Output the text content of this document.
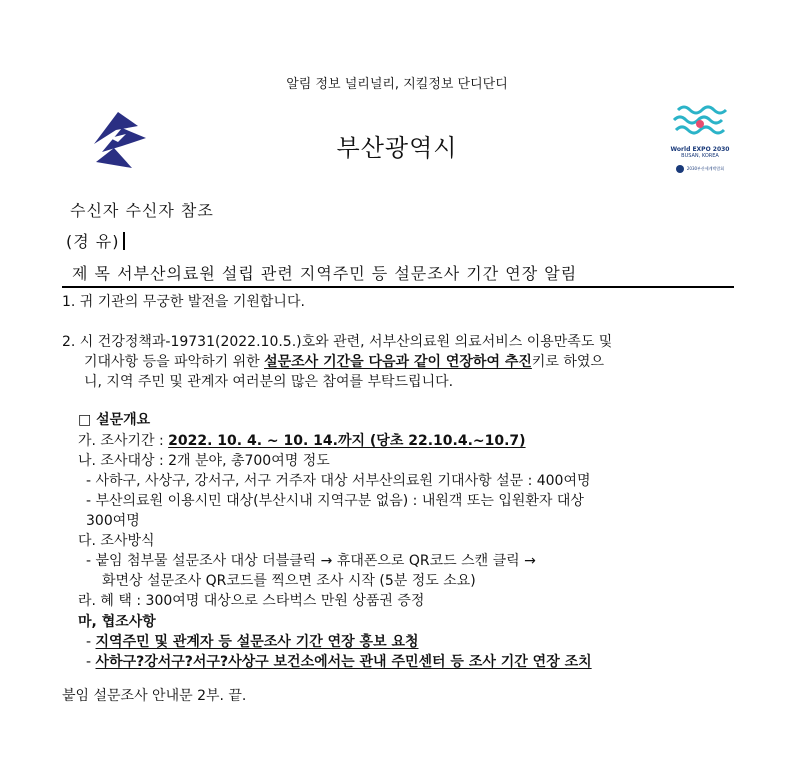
알림 정보 널리널리, 지킬정보 단디단디
부산광역시	World EXPO 2030
BUSAN, KOREA
2030부산세계박람회
수신자 수신자 참조
(경 유)
제 목 서부산의료원 설립 관련 지역주민 등 설문조사 기간 연장 알림
1. 귀 기관의 무궁한 발전을 기원합니다.
2. 시 건강정책과-19731(2022.10.5.)호와 관련, 서부산의료원 의료서비스 이용만족도 및
기대사항 등을 파악하기 위한 설문조사 기간을 다음과 같이 연장하여 추진키로 하였으
니, 지역 주민 및 관계자 여러분의 많은 참여를 부탁드립니다.
□ 설문개요
가. 조사기간 : 2022. 10. 4. ~ 10. 14.까지 (당초 22.10.4.~10.7)
나. 조사대상 : 2개 분야, 총700여명 정도
- 사하구, 사상구, 강서구, 서구 거주자 대상 서부산의료원 기대사항 설문 : 400여명
- 부산의료원 이용시민 대상(부산시내 지역구분 없음) : 내원객 또는 입원환자 대상
300여명
다. 조사방식
- 붙임 첨부물 설문조사 대상 더블클릭 → 휴대폰으로 QR코드 스캔 클릭 →
화면상 설문조사 QR코드를 찍으면 조사 시작 (5분 정도 소요)
라. 혜 택 : 300여명 대상으로 스타벅스 만원 상품권 증정
마, 협조사항
- 지역주민 및 관계자 등 설문조사 기간 연장 홍보 요청
- 사하구?강서구?서구?사상구 보건소에서는 관내 주민센터 등 조사 기간 연장 조치
붙임 설문조사 안내문 2부. 끝.
